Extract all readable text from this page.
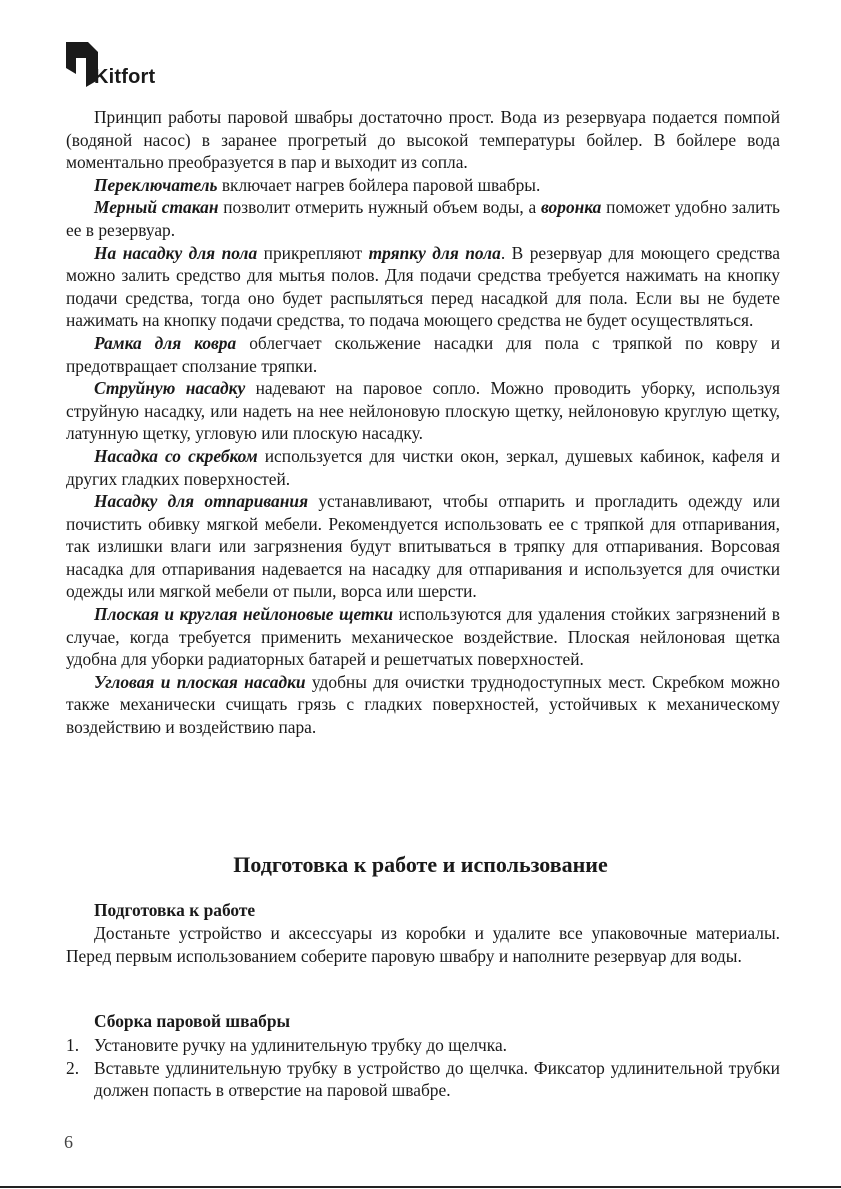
Kitfort

Принцип работы паровой швабры достаточно прост. Вода из резервуара подается помпой (водяной насос) в заранее прогретый до высокой температуры бойлер. В бойлере вода моментально преобразуется в пар и выходит из сопла.

Переключатель включает нагрев бойлера паровой швабры.

Мерный стакан позволит отмерить нужный объем воды, а воронка поможет удобно залить ее в резервуар.

На насадку для пола прикрепляют тряпку для пола. В резервуар для моющего средства можно залить средство для мытья полов. Для подачи средства требуется нажимать на кнопку подачи средства, тогда оно будет распыляться перед насадкой для пола. Если вы не будете нажимать на кнопку подачи средства, то подача моющего средства не будет осуществляться.

Рамка для ковра облегчает скольжение насадки для пола с тряпкой по ковру и предотвращает сползание тряпки.

Струйную насадку надевают на паровое сопло. Можно проводить уборку, используя струйную насадку, или надеть на нее нейлоновую плоскую щетку, нейлоновую круглую щетку, латунную щетку, угловую или плоскую насадку.

Насадка со скребком используется для чистки окон, зеркал, душевых кабинок, кафеля и других гладких поверхностей.

Насадку для отпаривания устанавливают, чтобы отпарить и прогладить одежду или почистить обивку мягкой мебели. Рекомендуется использовать ее с тряпкой для отпаривания, так излишки влаги или загрязнения будут впитываться в тряпку для отпаривания. Ворсовая насадка для отпаривания надевается на насадку для отпаривания и используется для очистки одежды или мягкой мебели от пыли, ворса или шерсти.

Плоская и круглая нейлоновые щетки используются для удаления стойких загрязнений в случае, когда требуется применить механическое воздействие. Плоская нейлоновая щетка удобна для уборки радиаторных батарей и решетчатых поверхностей.

Угловая и плоская насадки удобны для очистки труднодоступных мест. Скребком можно также механически счищать грязь с гладких поверхностей, устойчивых к механическому воздействию и воздействию пара.

Подготовка к работе и использование
Подготовка к работе

Достаньте устройство и аксессуары из коробки и удалите все упаковочные материалы. Перед первым использованием соберите паровую швабру и наполните резервуар для воды.

Сборка паровой швабры
1. Установите ручку на удлинительную трубку до щелчка.
2. Вставьте удлинительную трубку в устройство до щелчка. Фиксатор удлинительной трубки должен попасть в отверстие на паровой швабре.
6
